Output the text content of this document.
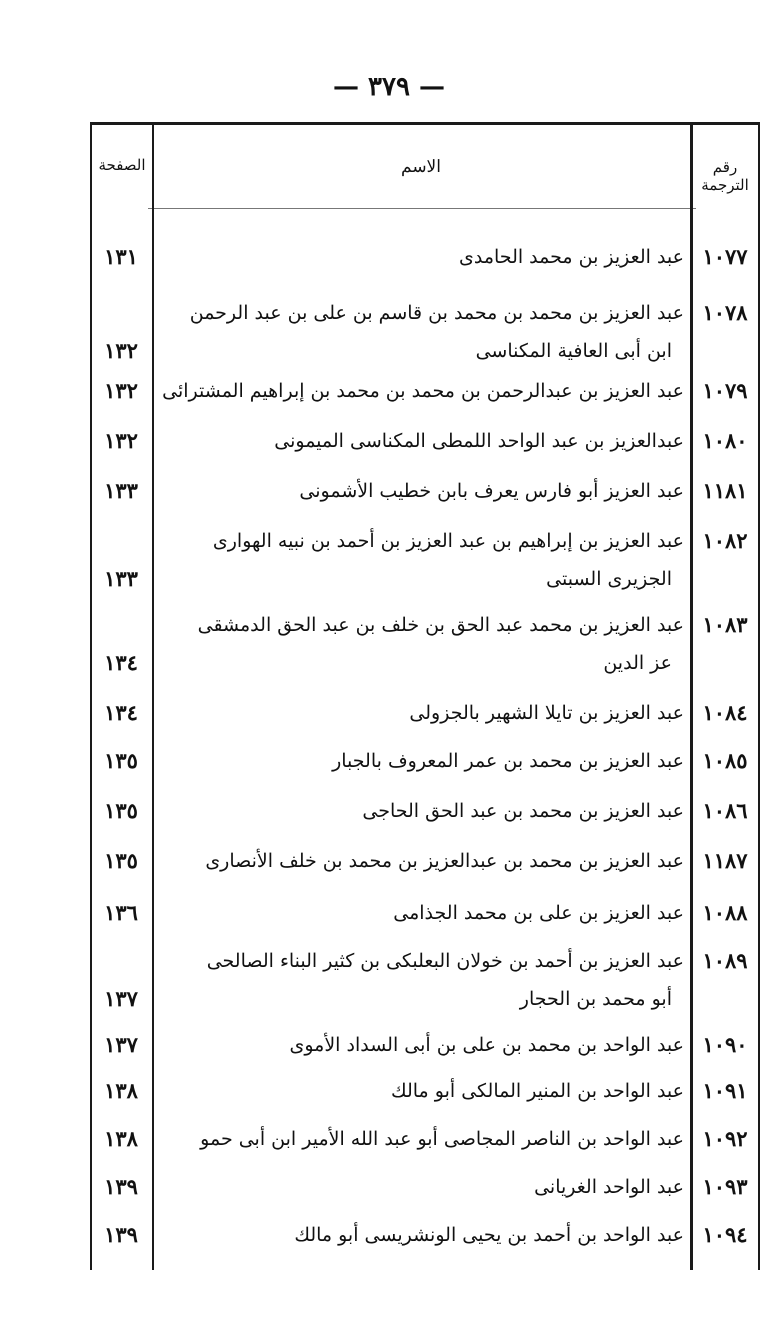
— ٣٧٩ —
الصفحة	الاسم	رقم الترجمة
١٠٧٧
عبد العزيز بن محمد الحامدى
١٣١
١٠٧٨
عبد العزيز بن محمد بن محمد بن قاسم بن على بن عبد الرحمن
ابن أبى العافية المكناسى
١٣٢
١٠٧٩
عبد العزيز بن عبدالرحمن بن محمد بن محمد بن إبراهيم المشترائى
١٣٢
١٠٨٠
عبدالعزيز بن عبد الواحد اللمطى المكناسى الميمونى
١٣٢
١١٨١
عبد العزيز أبو فارس يعرف بابن خطيب الأشمونى
١٣٣
١٠٨٢
عبد العزيز بن إبراهيم بن عبد العزيز بن أحمد بن نبيه الهوارى
الجزيرى السبتى
١٣٣
١٠٨٣
عبد العزيز بن محمد عبد الحق بن خلف بن عبد الحق الدمشقى
عز الدين
١٣٤
١٠٨٤
عبد العزيز بن تايلا الشهير بالجزولى
١٣٤
١٠٨٥
عبد العزيز بن محمد بن عمر المعروف بالجبار
١٣٥
١٠٨٦
عبد العزيز بن محمد بن عبد الحق الحاجى
١٣٥
١١٨٧
عبد العزيز بن محمد بن عبدالعزيز بن محمد بن خلف الأنصارى
١٣٥
١٠٨٨
عبد العزيز بن على بن محمد الجذامى
١٣٦
١٠٨٩
عبد العزيز بن أحمد بن خولان البعلبكى بن كثير البناء الصالحى
أبو محمد بن الحجار
١٣٧
١٠٩٠
عبد الواحد بن محمد بن على بن أبى السداد الأموى
١٣٧
١٠٩١
عبد الواحد بن المنير المالكى أبو مالك
١٣٨
١٠٩٢
عبد الواحد بن الناصر المجاصى أبو عبد الله الأمير ابن أبى حمو
١٣٨
١٠٩٣
عبد الواحد الغريانى
١٣٩
١٠٩٤
عبد الواحد بن أحمد بن يحيى الونشريسى أبو مالك
١٣٩
